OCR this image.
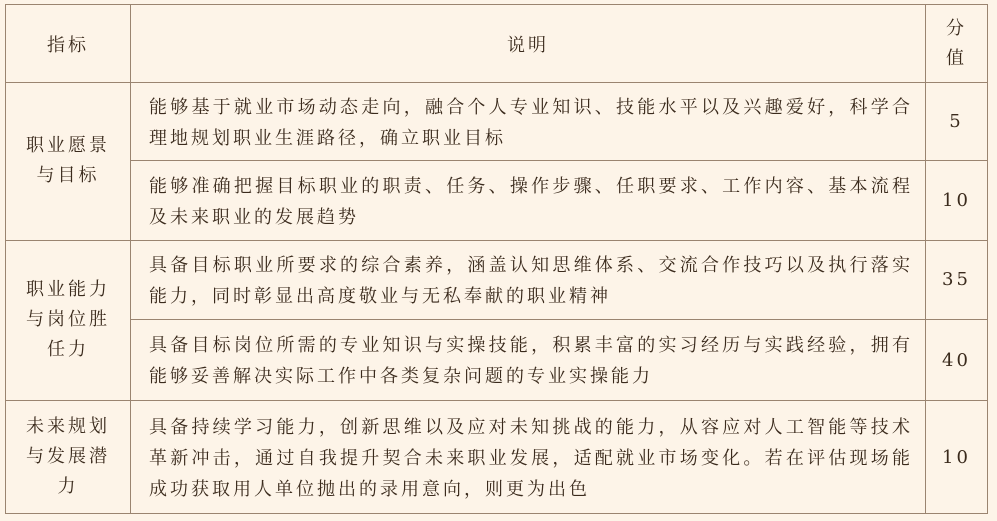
指标	说明	分值
职业愿景与目标	能够基于就业市场动态走向，融合个人专业知识、技能水平以及兴趣爱好，科学合理地规划职业生涯路径，确立职业目标	5
	能够准确把握目标职业的职责、任务、操作步骤、任职要求、工作内容、基本流程及未来职业的发展趋势	10
职业能力与岗位胜任力	具备目标职业所要求的综合素养，涵盖认知思维体系、交流合作技巧以及执行落实能力，同时彰显出高度敬业与无私奉献的职业精神	35
	具备目标岗位所需的专业知识与实操技能，积累丰富的实习经历与实践经验，拥有能够妥善解决实际工作中各类复杂问题的专业实操能力	40
未来规划与发展潜力	具备持续学习能力，创新思维以及应对未知挑战的能力，从容应对人工智能等技术革新冲击，通过自我提升契合未来职业发展，适配就业市场变化。若在评估现场能成功获取用人单位抛出的录用意向，则更为出色	10
